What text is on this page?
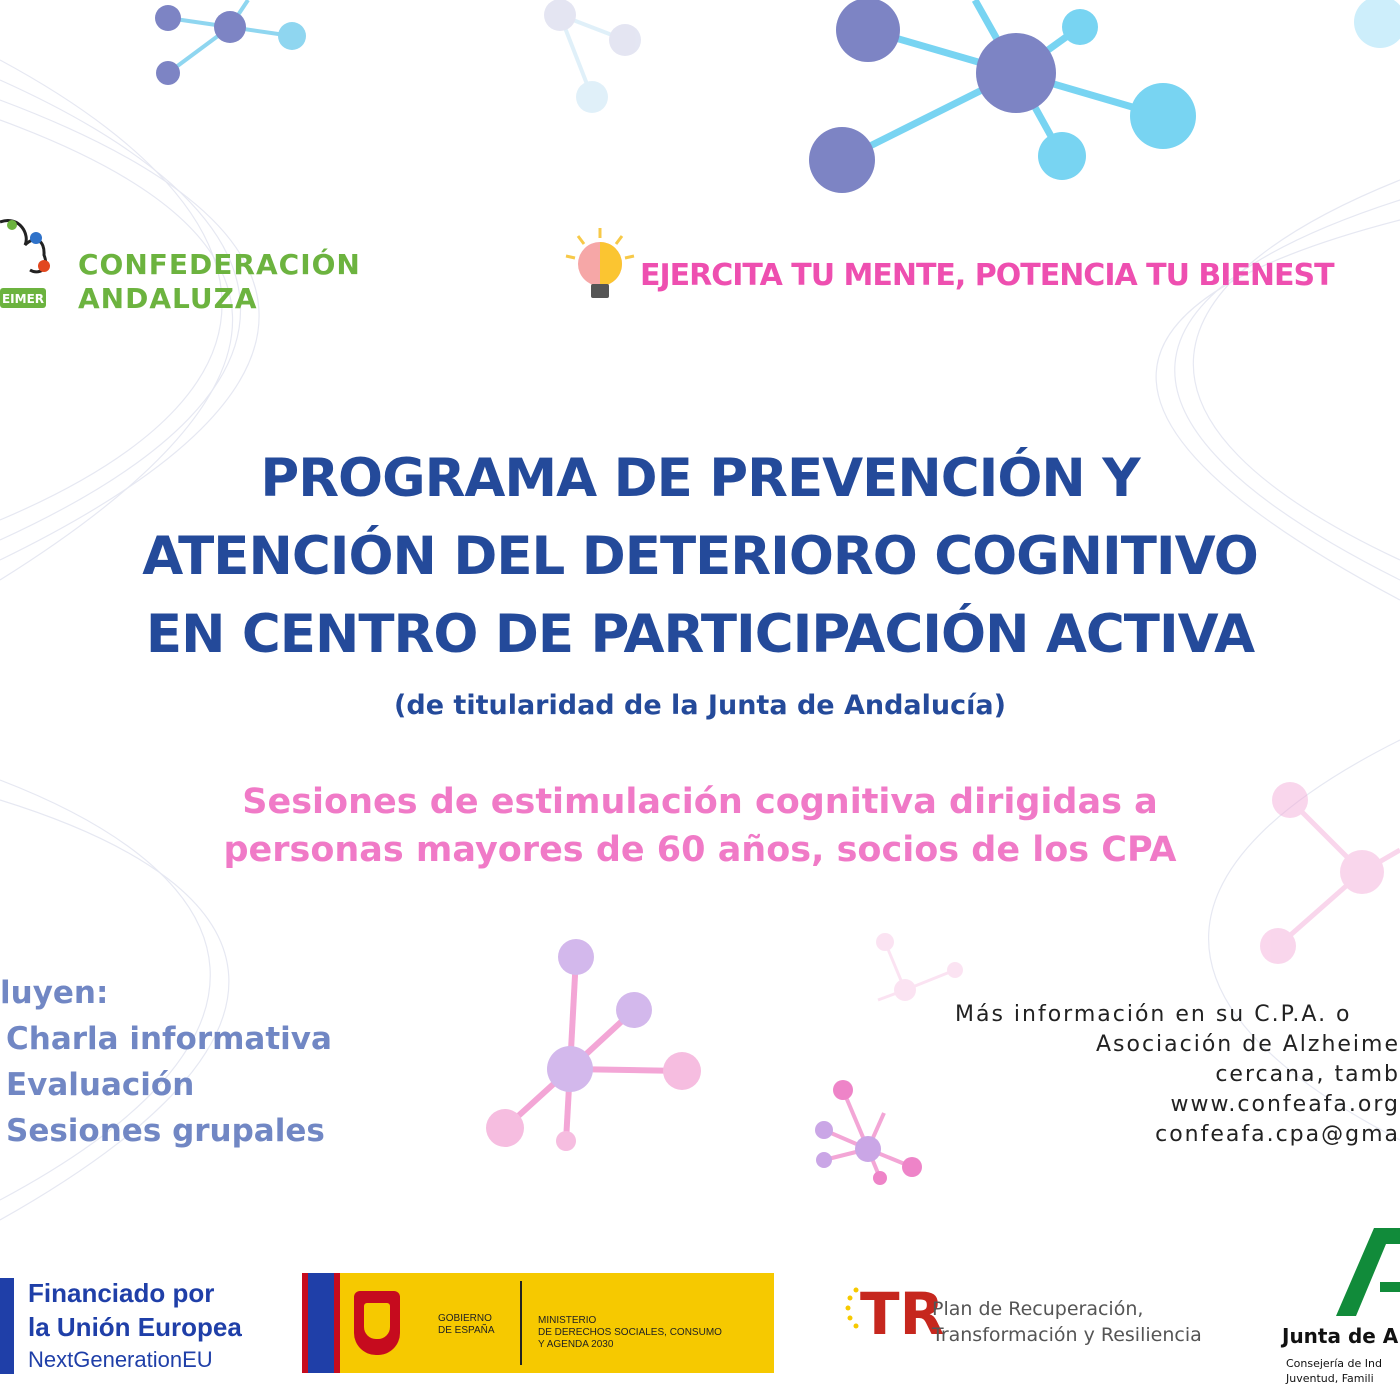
EIMER
CONFEDERACIÓN
ANDALUZA
EJERCITA TU MENTE, POTENCIA TU BIENEST
PROGRAMA DE PREVENCIÓN Y
ATENCIÓN DEL DETERIORO COGNITIVO
EN CENTRO DE PARTICIPACIÓN ACTIVA
(de titularidad de la Junta de Andalucía)
Sesiones de estimulación cognitiva dirigidas a
personas mayores de 60 años, socios de los CPA
luyen:
Charla informativa
Evaluación
Sesiones grupales
Más información en su C.P.A. o
Asociación de Alzheime
cercana, tamb
www.confeafa.org
confeafa.cpa@gma
Financiado por
la Unión Europea
NextGenerationEU
GOBIERNO
DE ESPAÑA
MINISTERIO
DE DERECHOS SOCIALES, CONSUMO
Y AGENDA 2030	TR
Plan de Recuperación,
Transformación y Resiliencia	Junta de A
Consejería de Ind
Juventud, Famili
